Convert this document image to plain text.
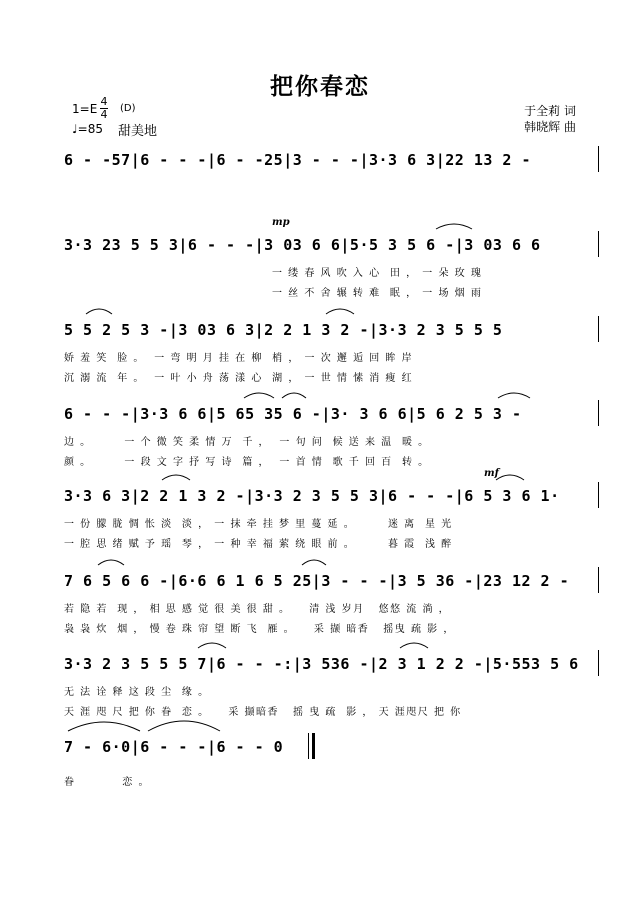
把你春恋
1=E
4
4 (D)
♩=85 甜美地
于全莉 词
韩晓辉 曲
6 - -57|6 - - -|6 - -25|3 - - -|3·3 6 3|22 13 2 -
mp
3·3 23 5 5 3|6 - - -|3 03 6 6|5·5 3 5 6 -|3 03 6 6
一 缕 春 风 吹 入 心  田 ， 一 朵 玫 瑰
一 丝 不 舍 辗 转 难  眠 ， 一 场 烟 雨
5 5 2 5 3 -|3 03 6 3|2 2 1 3 2 -|3·3 2 3 5 5 5
娇 羞 笑  脸 。  一 弯 明 月 挂 在 柳  梢 ， 一 次 邂 逅 回 眸 岸
沉 溺 流  年 。  一 叶 小 舟 荡 漾 心  湖 ， 一 世 情 愫 消 瘦 红
6 - - -|3·3 6 6|5 65 35 6 -|3· 3 6 6|5 6 2 5 3 -
边 。       一 个 微 笑 柔 情 万  千 ，  一 句 问  候 送 来 温  暖 。
颜 。       一 段 文 字 抒 写 诗  篇 ，  一 首 情  歌 千 回 百  转 。
mf
3·3 6 3|2 2 1 3 2 -|3·3 2 3 5 5 3|6 - - -|6 5 3 6 1·
一 份 朦 胧 惆 怅 淡  淡 ， 一 抹 牵 挂 梦 里 蔓 延 。       迷 离  星 光
一 腔 思 绪 赋 予 瑶  琴 ， 一 种 幸 福 萦 绕 眼 前 。       暮 霞  浅 醉
7 6 5 6 6 -|6·6 6 1 6 5 25|3 - - -|3 5 36 -|23 12 2 -
若 隐 若  现 ， 相 思 感 觉 很 美 很 甜 。    清 浅 岁月   悠悠 流 淌 ，
袅 袅 炊  烟 ， 慢 卷 珠 帘 望 断 飞  雁 。    采 撷 暗香   摇曳 疏 影 ，
3·3 2 3 5 5 5 7|6 - - -:|3 536 -|2 3 1 2 2 -|5·553 5 6
无 法 诠 释 这 段 尘  缘 。
天 涯 咫 尺 把 你 眷  恋 。    采 撷暗香   摇 曳 疏  影 ， 天 涯咫尺 把 你
7 - 6·0|6 - - -|6 - - 0
眷          恋 。
